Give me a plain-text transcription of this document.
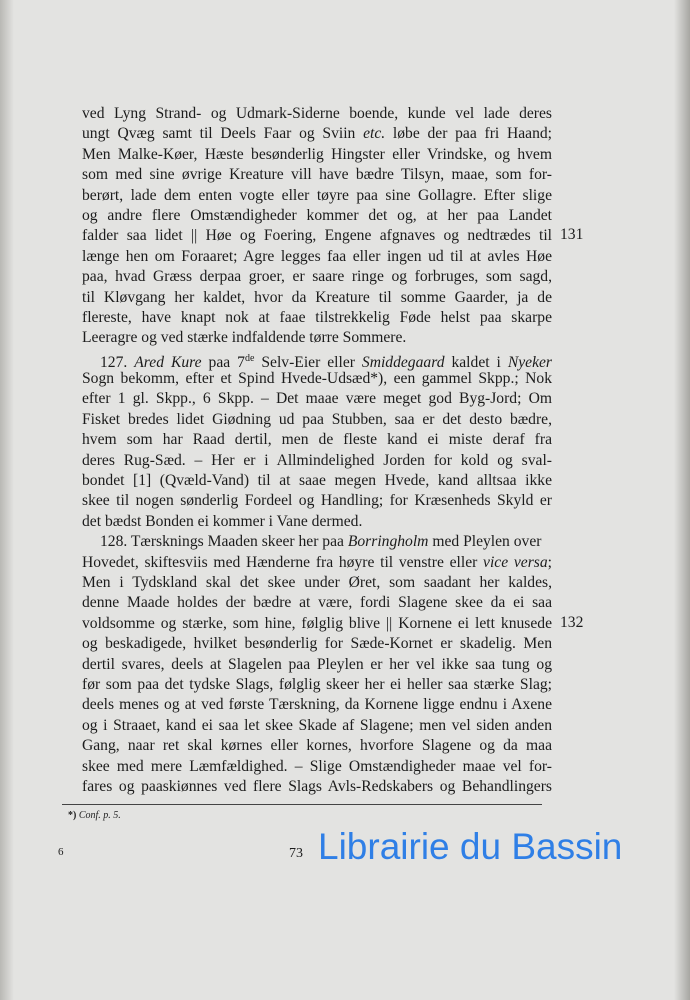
ved Lyng Strand- og Udmark-Siderne boende, kunde vel lade deres
ungt Qvæg samt til Deels Faar og Sviin etc. løbe der paa fri Haand;
Men Malke-Køer, Hæste besønderlig Hingster eller Vrindske, og hvem
som med sine øvrige Kreature vill have bædre Tilsyn, maae, som for-
berørt, lade dem enten vogte eller tøyre paa sine Gollagre. Efter slige
og andre flere Omstændigheder kommer det og, at her paa Landet
falder saa lidet || Høe og Foering, Engene afgnaves og nedtrædes til
længe hen om Foraaret; Agre legges faa eller ingen ud til at avles Høe
paa, hvad Græss derpaa groer, er saare ringe og forbruges, som sagd,
til Kløvgang her kaldet, hvor da Kreature til somme Gaarder, ja de
flereste, have knapt nok at faae tilstrekkelig Føde helst paa skarpe
Leeragre og ved stærke indfaldende tørre Sommere.
127. Ared Kure paa 7de Selv-Eier eller Smiddegaard kaldet i Nyeker
Sogn bekomm, efter et Spind Hvede-Udsæd*), een gammel Skpp.; Nok
efter 1 gl. Skpp., 6 Skpp. – Det maae være meget god Byg-Jord; Om
Fisket bredes lidet Giødning ud paa Stubben, saa er det desto bædre,
hvem som har Raad dertil, men de fleste kand ei miste deraf fra
deres Rug-Sæd. – Her er i Allmindelighed Jorden for kold og sval-
bondet [1] (Qvæld-Vand) til at saae megen Hvede, kand alltsaa ikke
skee til nogen sønderlig Fordeel og Handling; for Kræsenheds Skyld er
det bædst Bonden ei kommer i Vane dermed.
128. Tærsknings Maaden skeer her paa Borringholm med Pleylen over
Hovedet, skiftesviis med Hænderne fra høyre til venstre eller vice versa;
Men i Tydskland skal det skee under Øret, som saadant her kaldes,
denne Maade holdes der bædre at være, fordi Slagene skee da ei saa
voldsomme og stærke, som hine, følglig blive || Kornene ei lett knusede
og beskadigede, hvilket besønderlig for Sæde-Kornet er skadelig. Men
dertil svares, deels at Slagelen paa Pleylen er her vel ikke saa tung og
før som paa det tydske Slags, følglig skeer her ei heller saa stærke Slag;
deels menes og at ved første Tærskning, da Kornene ligge endnu i Axene
og i Straaet, kand ei saa let skee Skade af Slagene; men vel siden anden
Gang, naar ret skal kørnes eller kornes, hvorfore Slagene og da maa
skee med mere Læmfældighed. – Slige Omstændigheder maae vel for-
fares og paaskiønnes ved flere Slags Avls-Redskabers og Behandlingers
*) Conf. p. 5.
6	73 Librairie du Bassin
131
132
